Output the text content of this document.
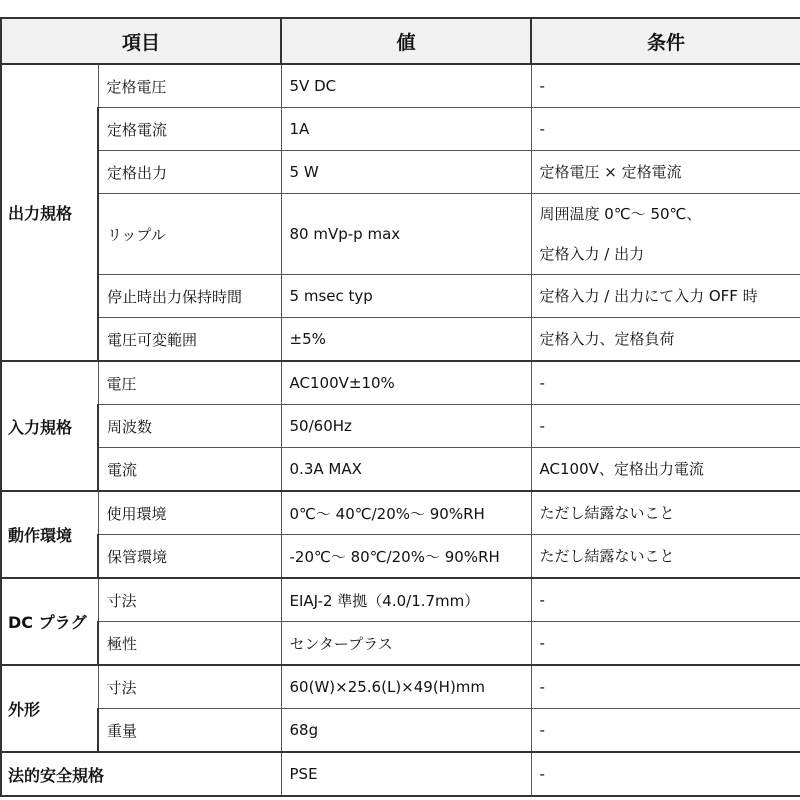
項目		値	条件
出力規格	定格電圧	5V DC	-

	定格電流	1A	-

	定格出力	5 W	定格電圧 × 定格電流

	リップル	80 mVp-p max	周囲温度 0℃～ 50℃、
定格入力 / 出力

	停止時出力保持時間	5 msec typ	定格入力 / 出力にて入力 OFF 時

	電圧可変範囲	±5%	定格入力、定格負荷

入力規格	電圧	AC100V±10%	-

	周波数	50/60Hz	-

	電流	0.3A MAX	AC100V、定格出力電流

動作環境	使用環境	0℃～ 40℃/20%～ 90%RH	ただし結露ないこと

	保管環境	-20℃～ 80℃/20%～ 90%RH	ただし結露ないこと

DC プラグ	寸法	EIAJ-2 準拠（4.0/1.7mm）	-

	極性	センタープラス	-

外形	寸法	60(W)×25.6(L)×49(H)mm	-

	重量	68g	-

法的安全規格		PSE	-
